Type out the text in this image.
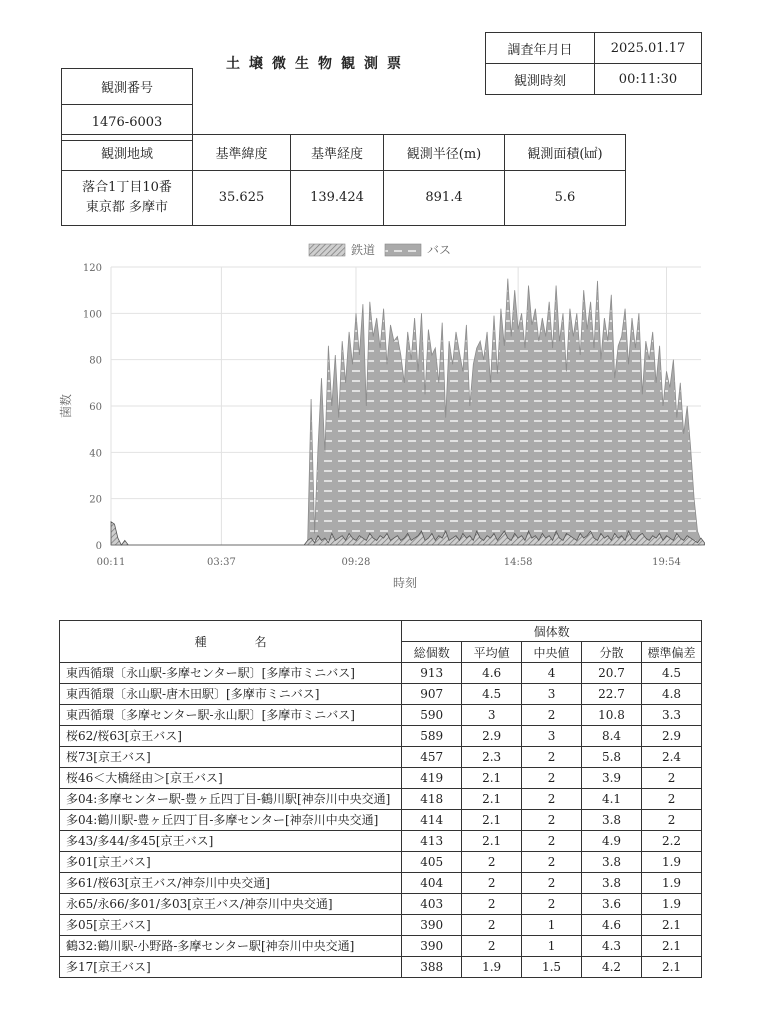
土壌微生物観測票
調査年月日	2025.01.17
観測時刻	00:11:30
観測番号
1476-6003
観測地域	基準緯度	基準経度	観測半径(m)	観測面積(㎢)

落合1丁目10番
東京都 多摩市	35.625	139.424	891.4	5.6
0
20
40
60
80
100
120
00:11	03:37	09:28	14:58	19:54
鉄道	バス
菌数
時刻
種　　　　名	個体数				
	総個数	平均値	中央値	分散	標準偏差
東西循環〔永山駅-多摩センター駅〕[多摩市ミニバス]	913	4.6	4	20.7	4.5
東西循環〔永山駅-唐木田駅〕[多摩市ミニバス]	907	4.5	3	22.7	4.8
東西循環〔多摩センター駅-永山駅〕[多摩市ミニバス]	590	3	2	10.8	3.3
桜62/桜63[京王バス]	589	2.9	3	8.4	2.9
桜73[京王バス]	457	2.3	2	5.8	2.4
桜46＜大橋経由＞[京王バス]	419	2.1	2	3.9	2
多04:多摩センター駅-豊ヶ丘四丁目-鶴川駅[神奈川中央交通]	418	2.1	2	4.1	2
多04:鶴川駅-豊ヶ丘四丁目-多摩センター[神奈川中央交通]	414	2.1	2	3.8	2
多43/多44/多45[京王バス]	413	2.1	2	4.9	2.2
多01[京王バス]	405	2	2	3.8	1.9
多61/桜63[京王バス/神奈川中央交通]	404	2	2	3.8	1.9
永65/永66/多01/多03[京王バス/神奈川中央交通]	403	2	2	3.6	1.9
多05[京王バス]	390	2	1	4.6	2.1
鶴32:鶴川駅-小野路-多摩センター駅[神奈川中央交通]	390	2	1	4.3	2.1
多17[京王バス]	388	1.9	1.5	4.2	2.1
